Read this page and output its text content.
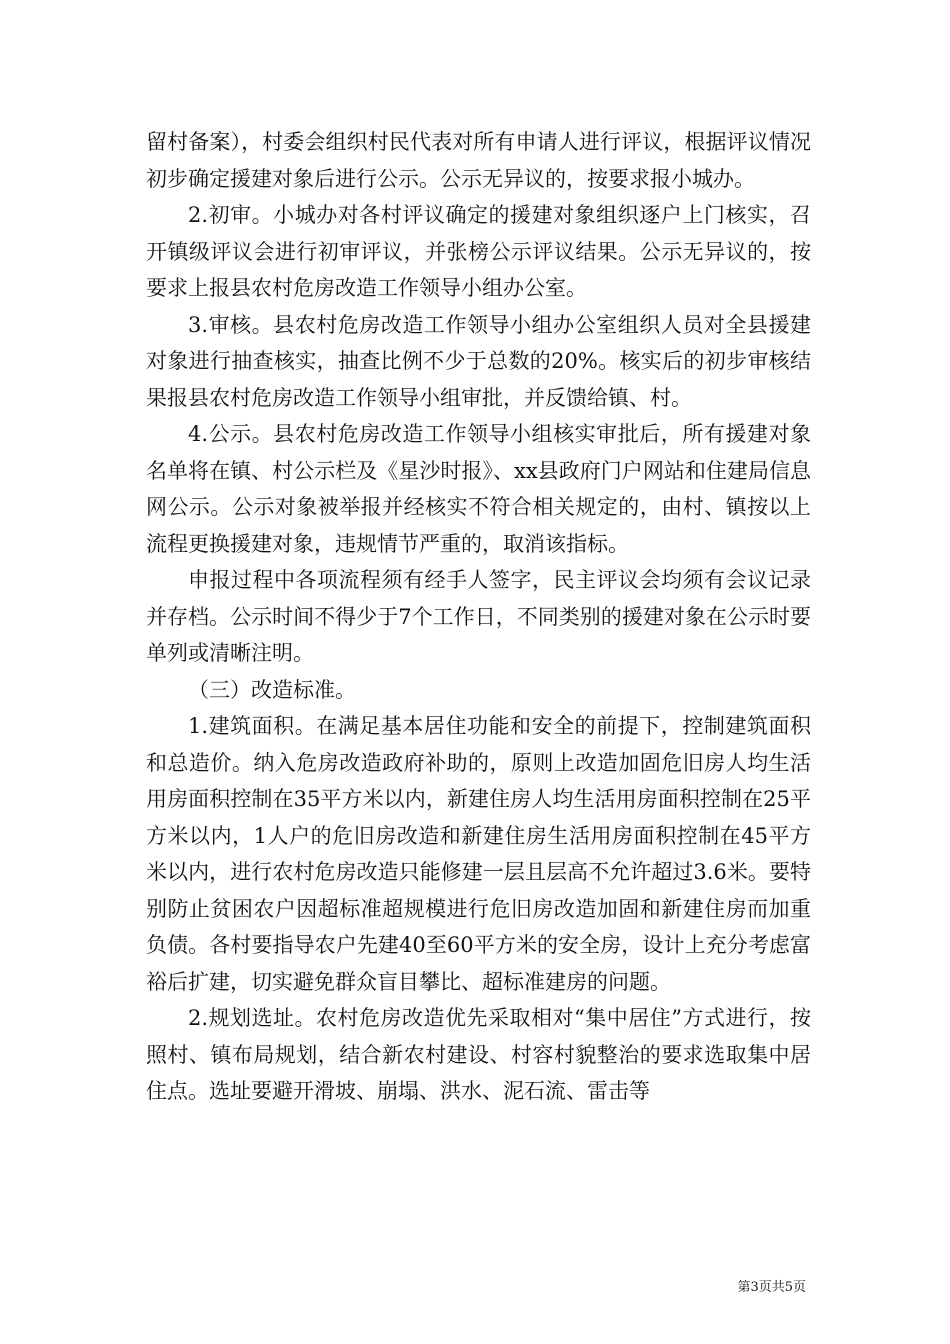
留村备案），村委会组织村民代表对所有申请人进行评议，根据评议情况初步确定援建对象后进行公示。公示无异议的，按要求报小城办。

2.初审。小城办对各村评议确定的援建对象组织逐户上门核实，召开镇级评议会进行初审评议，并张榜公示评议结果。公示无异议的，按要求上报县农村危房改造工作领导小组办公室。

3.审核。县农村危房改造工作领导小组办公室组织人员对全县援建对象进行抽查核实，抽查比例不少于总数的20%。核实后的初步审核结果报县农村危房改造工作领导小组审批，并反馈给镇、村。

4.公示。县农村危房改造工作领导小组核实审批后，所有援建对象名单将在镇、村公示栏及《星沙时报》、xx县政府门户网站和住建局信息网公示。公示对象被举报并经核实不符合相关规定的，由村、镇按以上流程更换援建对象，违规情节严重的，取消该指标。

申报过程中各项流程须有经手人签字，民主评议会均须有会议记录并存档。公示时间不得少于7个工作日，不同类别的援建对象在公示时要单列或清晰注明。

（三）改造标准。

1.建筑面积。在满足基本居住功能和安全的前提下，控制建筑面积和总造价。纳入危房改造政府补助的，原则上改造加固危旧房人均生活用房面积控制在35平方米以内，新建住房人均生活用房面积控制在25平方米以内，1人户的危旧房改造和新建住房生活用房面积控制在45平方米以内，进行农村危房改造只能修建一层且层高不允许超过3.6米。要特别防止贫困农户因超标准超规模进行危旧房改造加固和新建住房而加重负债。各村要指导农户先建40至60平方米的安全房，设计上充分考虑富裕后扩建，切实避免群众盲目攀比、超标准建房的问题。

2.规划选址。农村危房改造优先采取相对“集中居住”方式进行，按照村、镇布局规划，结合新农村建设、村容村貌整治的要求选取集中居住点。选址要避开滑坡、崩塌、洪水、泥石流、雷击等

第3页共5页
